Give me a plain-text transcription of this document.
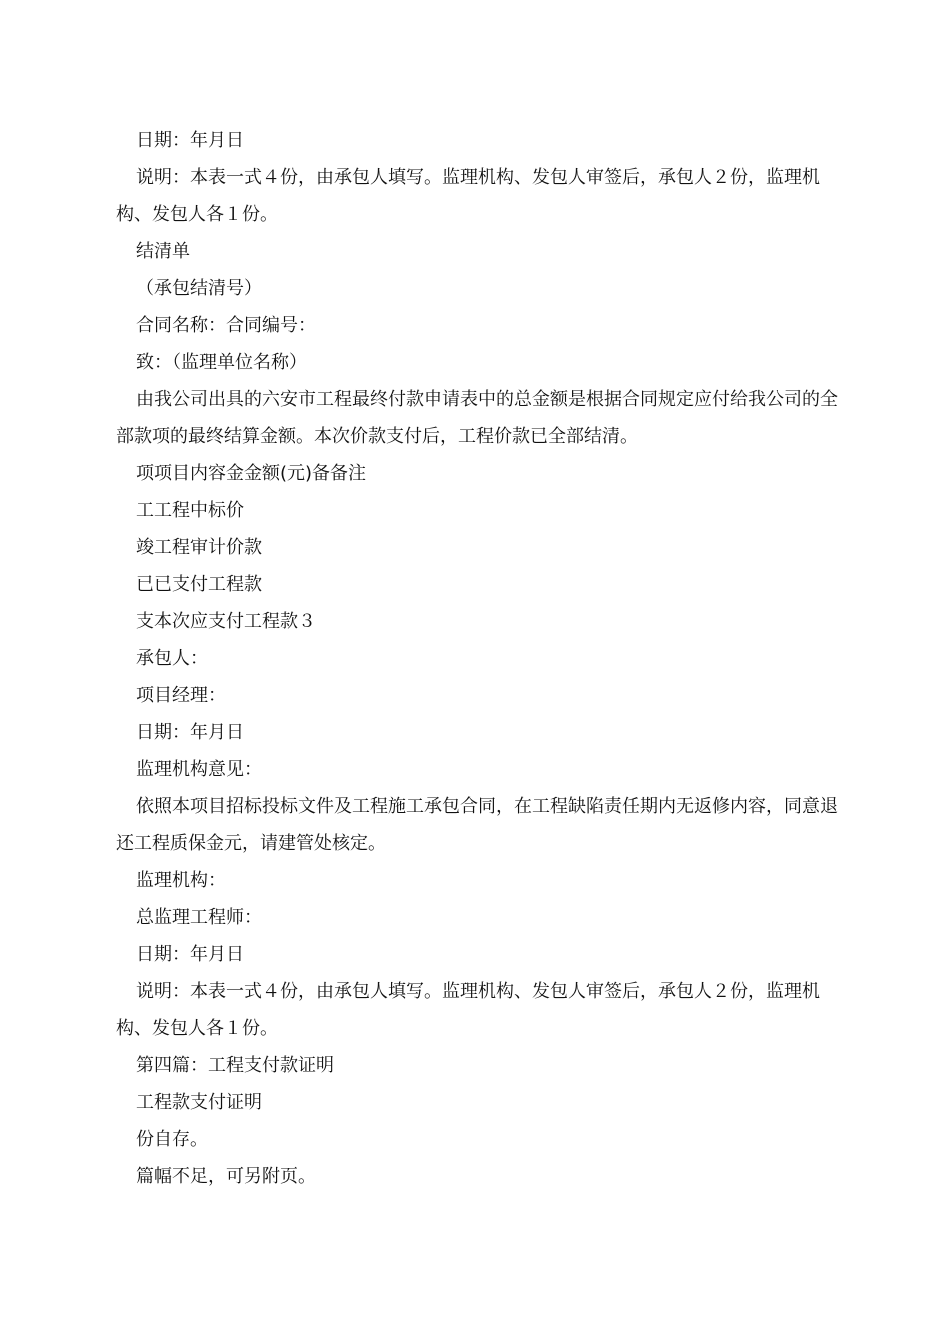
日期：年月日

说明：本表一式４份，由承包人填写。监理机构、发包人审签后，承包人２份，监理机构、发包人各１份。

结清单

（承包结清号）

合同名称：合同编号：

致：（监理单位名称）

由我公司出具的六安市工程最终付款申请表中的总金额是根据合同规定应付给我公司的全部款项的最终结算金额。本次价款支付后，工程价款已全部结清。

项项目内容金金额(元)备备注

工工程中标价

竣工程审计价款

已已支付工程款

支本次应支付工程款３

承包人：

项目经理：

日期：年月日

监理机构意见：

依照本项目招标投标文件及工程施工承包合同，在工程缺陷责任期内无返修内容，同意退还工程质保金元，请建管处核定。

监理机构：

总监理工程师：

日期：年月日

说明：本表一式４份，由承包人填写。监理机构、发包人审签后，承包人２份，监理机构、发包人各１份。

第四篇：工程支付款证明

工程款支付证明

份自存。

篇幅不足，可另附页。
